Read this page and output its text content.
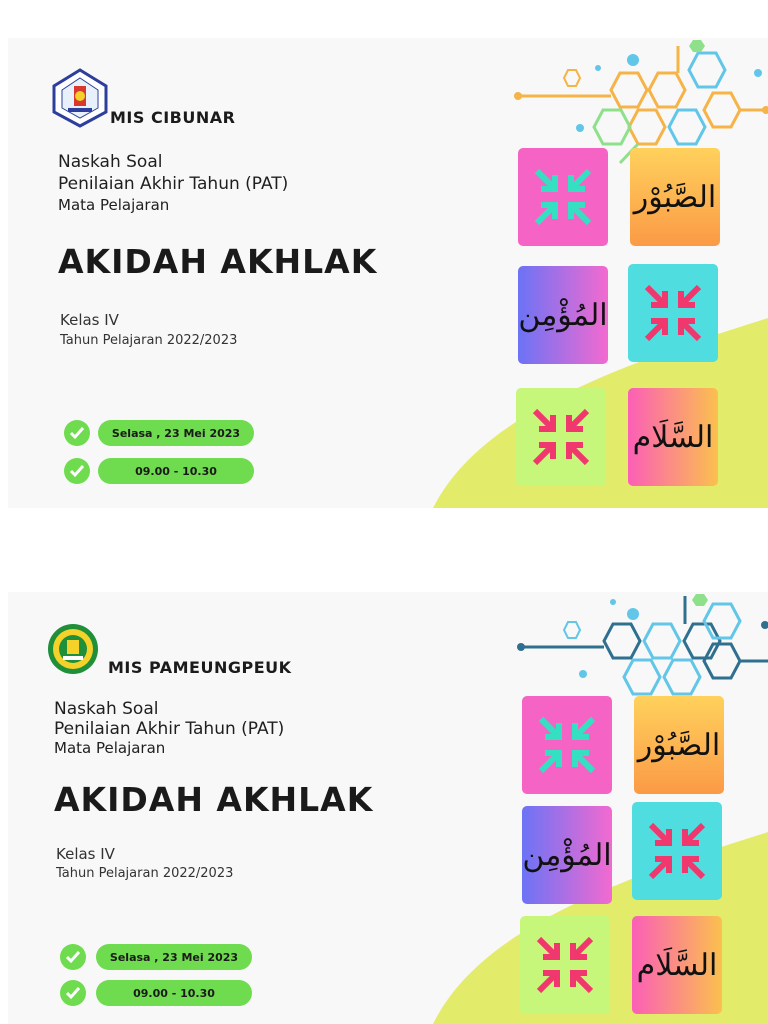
MIS CIBUNAR
Naskah Soal
Penilaian Akhir Tahun (PAT)
Mata Pelajaran
AKIDAH AKHLAK
Kelas IV
Tahun Pelajaran 2022/2023
Selasa , 23 Mei 2023
09.00 - 10.30
الصَّبُوْر
المُؤْمِن
السَّلَام
MIS PAMEUNGPEUK
Naskah Soal
Penilaian Akhir Tahun (PAT)
Mata Pelajaran
AKIDAH AKHLAK
Kelas IV
Tahun Pelajaran 2022/2023
Selasa , 23 Mei 2023
09.00 - 10.30
الصَّبُوْر
المُؤْمِن
السَّلَام
